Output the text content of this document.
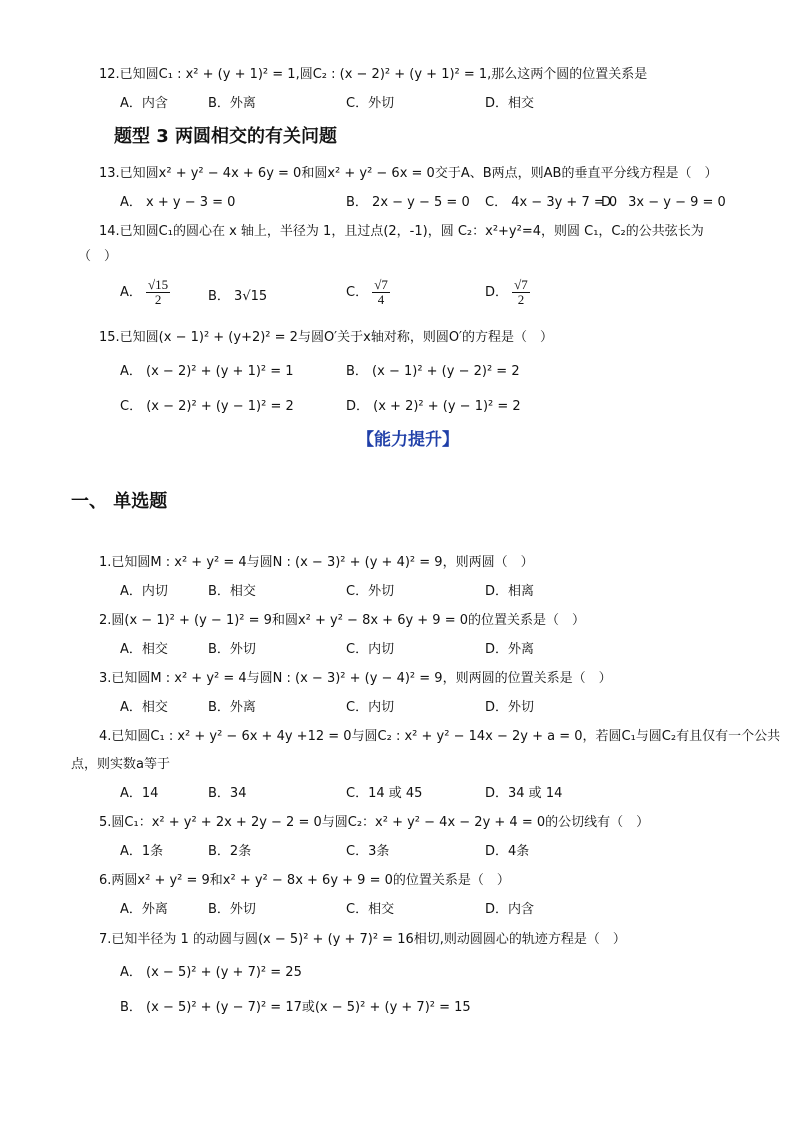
12.已知圆C₁ : x² + (y + 1)² = 1,圆C₂ : (x − 2)² + (y + 1)² = 1,那么这两个圆的位置关系是
A．内含	B．外离	C．外切	D．相交
题型 3 两圆相交的有关问题
13.已知圆x² + y² − 4x + 6y = 0和圆x² + y² − 6x = 0交于A、B两点，则AB的垂直平分线方程是（　）
A． x + y − 3 = 0	B． 2x − y − 5 = 0 C． 4x − 3y + 7 = 0
D． 3x − y − 9 = 0
14.已知圆C₁的圆心在 x 轴上，半径为 1，且过点(2，-1)，圆 C₂：x²+y²=4，则圆 C₁，C₂的公共弦长为
（　）
A． $\frac{√15}{2}$	B． 3√15	C． $\frac{√7}{4}$	D． $\frac{√7}{2}$
15.已知圆(x − 1)² + (y+2)² = 2与圆O′关于x轴对称，则圆O′的方程是（　）
A． (x − 2)² + (y + 1)² = 1	B． (x − 1)² + (y − 2)² = 2
C． (x − 2)² + (y − 1)² = 2	D． (x + 2)² + (y − 1)² = 2
【能力提升】
一、 单选题
1.已知圆M : x² + y² = 4与圆N : (x − 3)² + (y + 4)² = 9，则两圆（　）
A．内切	B．相交	C．外切	D．相离
2.圆(x − 1)² + (y − 1)² = 9和圆x² + y² − 8x + 6y + 9 = 0的位置关系是（　）
A．相交	B．外切	C．内切	D．外离
3.已知圆M : x² + y² = 4与圆N : (x − 3)² + (y − 4)² = 9，则两圆的位置关系是（　）
A．相交	B．外离	C．内切	D．外切
4.已知圆C₁ : x² + y² − 6x + 4y +12 = 0与圆C₂ : x² + y² − 14x − 2y + a = 0，若圆C₁与圆C₂有且仅有一个公共
点，则实数a等于
A．14	B．34	C．14 或 45	D．34 或 14
5.圆C₁：x² + y² + 2x + 2y − 2 = 0与圆C₂：x² + y² − 4x − 2y + 4 = 0的公切线有（　）
A．1条	B．2条	C．3条	D．4条
6.两圆x² + y² = 9和x² + y² − 8x + 6y + 9 = 0的位置关系是（　）
A．外离	B．外切	C．相交	D．内含
7.已知半径为 1 的动圆与圆(x − 5)² + (y + 7)² = 16相切,则动圆圆心的轨迹方程是（　）
A． (x − 5)² + (y + 7)² = 25
B． (x − 5)² + (y − 7)² = 17或(x − 5)² + (y + 7)² = 15
